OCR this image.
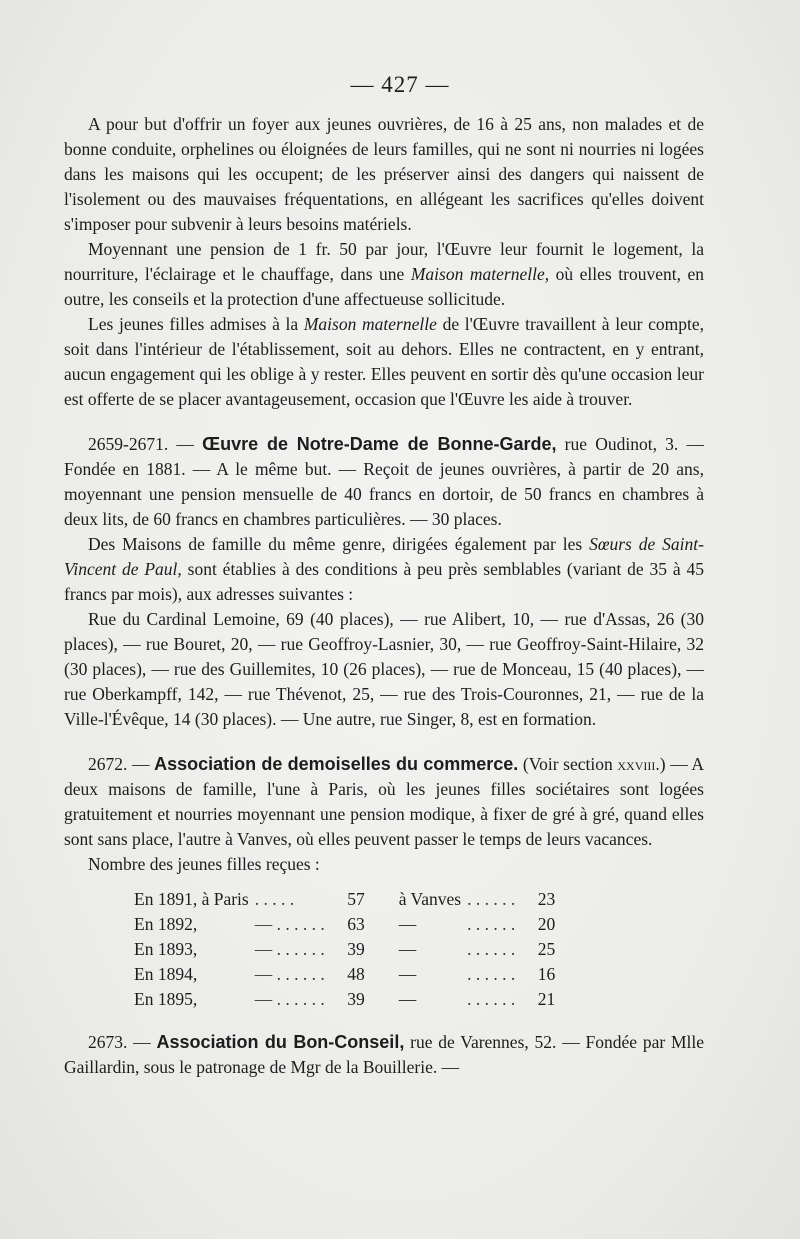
— 427 —

A pour but d'offrir un foyer aux jeunes ouvrières, de 16 à 25 ans, non malades et de bonne conduite, orphelines ou éloignées de leurs familles, qui ne sont ni nourries ni logées dans les maisons qui les occupent; de les préserver ainsi des dangers qui naissent de l'isolement ou des mauvaises fréquentations, en allégeant les sacrifices qu'elles doivent s'imposer pour subvenir à leurs besoins matériels.

Moyennant une pension de 1 fr. 50 par jour, l'Œuvre leur fournit le logement, la nourriture, l'éclairage et le chauffage, dans une Maison maternelle, où elles trouvent, en outre, les conseils et la protection d'une affectueuse sollicitude.

Les jeunes filles admises à la Maison maternelle de l'Œuvre travaillent à leur compte, soit dans l'intérieur de l'établissement, soit au dehors. Elles ne contractent, en y entrant, aucun engagement qui les oblige à y rester. Elles peuvent en sortir dès qu'une occasion leur est offerte de se placer avantageusement, occasion que l'Œuvre les aide à trouver.

2659-2671. — Œuvre de Notre-Dame de Bonne-Garde, rue Oudinot, 3. — Fondée en 1881. — A le même but. — Reçoit de jeunes ouvrières, à partir de 20 ans, moyennant une pension mensuelle de 40 francs en dortoir, de 50 francs en chambres à deux lits, de 60 francs en chambres particulières. — 30 places.

Des Maisons de famille du même genre, dirigées également par les Sœurs de Saint-Vincent de Paul, sont établies à des conditions à peu près semblables (variant de 35 à 45 francs par mois), aux adresses suivantes :

Rue du Cardinal Lemoine, 69 (40 places), — rue Alibert, 10, — rue d'Assas, 26 (30 places), — rue Bouret, 20, — rue Geoffroy-Lasnier, 30, — rue Geoffroy-Saint-Hilaire, 32 (30 places), — rue des Guillemites, 10 (26 places), — rue de Monceau, 15 (40 places), — rue Oberkampff, 142, — rue Thévenot, 25, — rue des Trois-Couronnes, 21, — rue de la Ville-l'Évêque, 14 (30 places). — Une autre, rue Singer, 8, est en formation.

2672. — Association de demoiselles du commerce. (Voir section xxviii.) — A deux maisons de famille, l'une à Paris, où les jeunes filles sociétaires sont logées gratuitement et nourries moyennant une pension modique, à fixer de gré à gré, quand elles sont sans place, l'autre à Vanves, où elles peuvent passer le temps de leurs vacances.

Nombre des jeunes filles reçues :

En 1891, à Paris	. . . . .	57	à Vanves	. . . . . .	23
En 1892,	— . . . . . .	63	—	. . . . . .	20
En 1893,	— . . . . . .	39	—	. . . . . .	25
En 1894,	— . . . . . .	48	—	. . . . . .	16
En 1895,	— . . . . . .	39	—	. . . . . .	21

2673. — Association du Bon-Conseil, rue de Varennes, 52. — Fondée par Mlle Gaillardin, sous le patronage de Mgr de la Bouillerie. —
